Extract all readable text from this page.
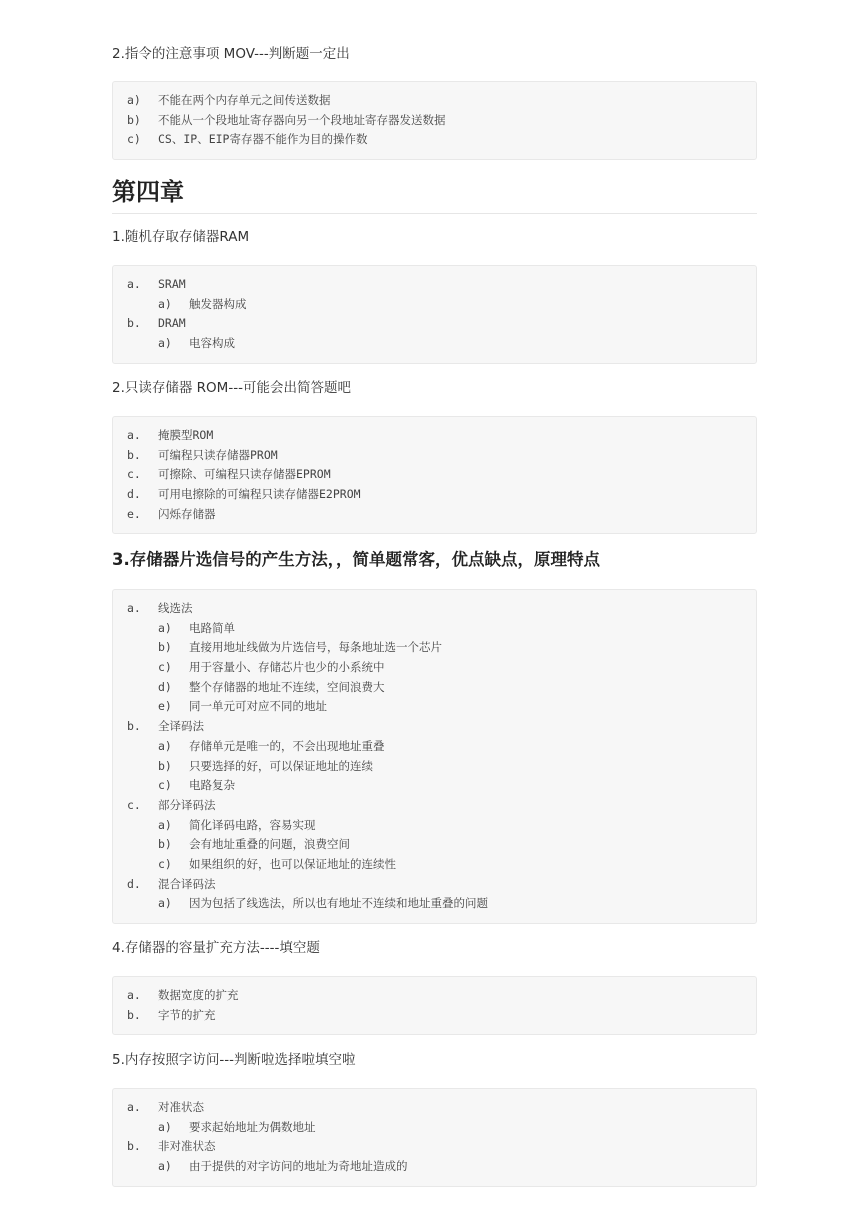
2.指令的注意事项 MOV---判断题一定出

a) 不能在两个内存单元之间传送数据
b) 不能从一个段地址寄存器向另一个段地址寄存器发送数据
c) CS、IP、EIP寄存器不能作为目的操作数
第四章

1.随机存取存储器RAM

a. SRAM
a) 触发器构成
b. DRAM
a) 电容构成

2.只读存储器 ROM---可能会出简答题吧

a. 掩膜型ROM
b. 可编程只读存储器PROM
c. 可擦除、可编程只读存储器EPROM
d. 可用电擦除的可编程只读存储器E2PROM
e. 闪烁存储器
3.存储器片选信号的产生方法，，简单题常客，优点缺点，原理特点
a. 线选法
a) 电路简单
b) 直接用地址线做为片选信号，每条地址选一个芯片
c) 用于容量小、存储芯片也少的小系统中
d) 整个存储器的地址不连续，空间浪费大
e) 同一单元可对应不同的地址
b. 全译码法
a) 存储单元是唯一的，不会出现地址重叠
b) 只要选择的好，可以保证地址的连续
c) 电路复杂
c. 部分译码法
a) 简化译码电路，容易实现
b) 会有地址重叠的问题，浪费空间
c) 如果组织的好，也可以保证地址的连续性
d. 混合译码法
a) 因为包括了线选法，所以也有地址不连续和地址重叠的问题

4.存储器的容量扩充方法----填空题

a. 数据宽度的扩充
b. 字节的扩充

5.内存按照字访问---判断啦选择啦填空啦

a. 对准状态
a) 要求起始地址为偶数地址
b. 非对准状态
a) 由于提供的对字访问的地址为奇地址造成的
